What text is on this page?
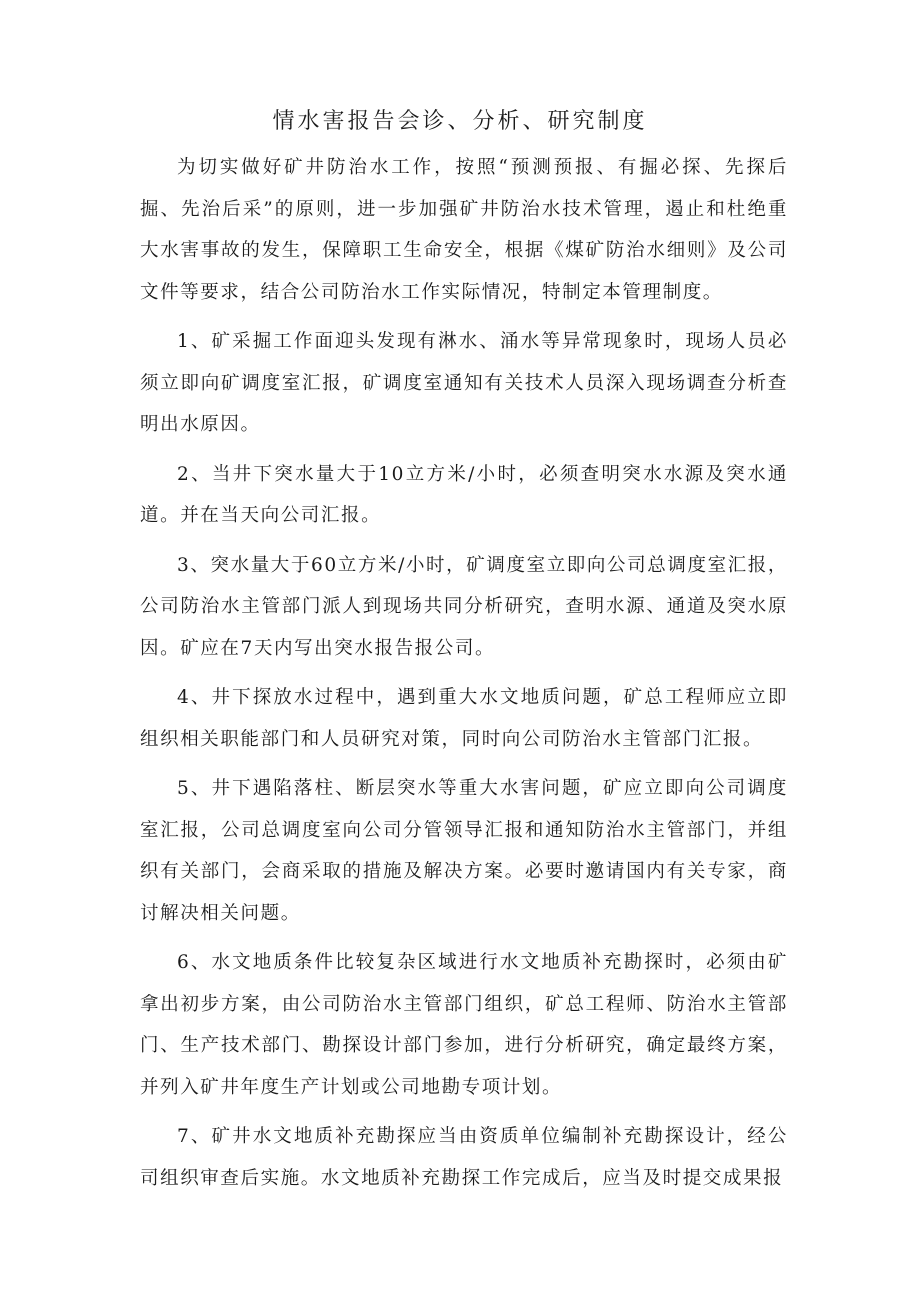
情水害报告会诊、分析、研究制度

为切实做好矿井防治水工作，按照“预测预报、有掘必探、先探后掘、先治后采”的原则，进一步加强矿井防治水技术管理，遏止和杜绝重大水害事故的发生，保障职工生命安全，根据《煤矿防治水细则》及公司文件等要求，结合公司防治水工作实际情况，特制定本管理制度。

1、矿采掘工作面迎头发现有淋水、涌水等异常现象时，现场人员必须立即向矿调度室汇报，矿调度室通知有关技术人员深入现场调查分析查明出水原因。

2、当井下突水量大于10立方米/小时，必须查明突水水源及突水通道。并在当天向公司汇报。

3、突水量大于60立方米/小时，矿调度室立即向公司总调度室汇报，公司防治水主管部门派人到现场共同分析研究，查明水源、通道及突水原因。矿应在7天内写出突水报告报公司。

4、井下探放水过程中，遇到重大水文地质问题，矿总工程师应立即组织相关职能部门和人员研究对策，同时向公司防治水主管部门汇报。

5、井下遇陷落柱、断层突水等重大水害问题，矿应立即向公司调度室汇报，公司总调度室向公司分管领导汇报和通知防治水主管部门，并组织有关部门，会商采取的措施及解决方案。必要时邀请国内有关专家，商讨解决相关问题。

6、水文地质条件比较复杂区域进行水文地质补充勘探时，必须由矿拿出初步方案，由公司防治水主管部门组织，矿总工程师、防治水主管部门、生产技术部门、勘探设计部门参加，进行分析研究，确定最终方案，并列入矿井年度生产计划或公司地勘专项计划。

7、矿井水文地质补充勘探应当由资质单位编制补充勘探设计，经公司组织审查后实施。水文地质补充勘探工作完成后，应当及时提交成果报
